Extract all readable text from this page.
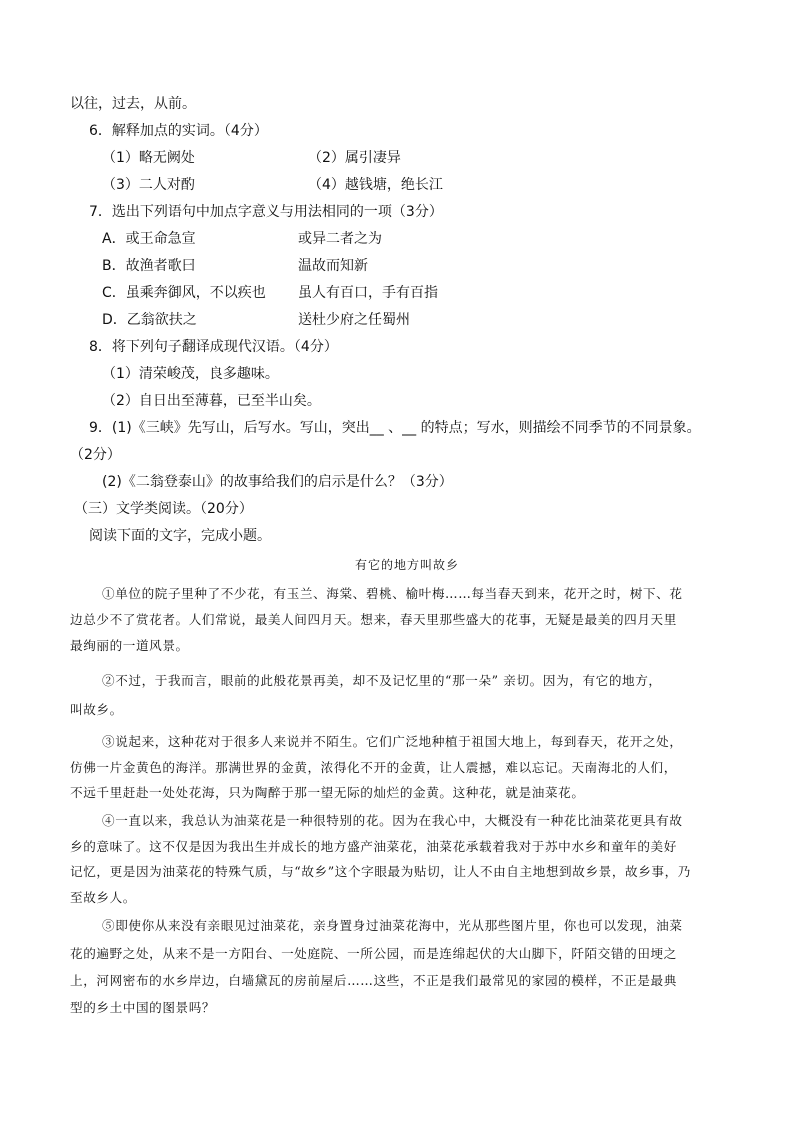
以往，过去，从前。
6．解释加点的实词。（4分）
（1）略无阙处	（2）属引凄异
（3）二人对酌	（4）越钱塘，绝长江
7．选出下列语句中加点字意义与用法相同的一项（3分）
A．或王命急宣	或异二者之为
B．故渔者歌曰	温故而知新
C．虽乘奔御风，不以疾也 虽人有百口，手有百指
D．乙翁欲扶之	送杜少府之任蜀州
8．将下列句子翻译成现代汉语。（4分）
（1）清荣峻茂，良多趣味。
（2）自日出至薄暮，已至半山矣。
9．(1)《三峡》先写山，后写水。写山，突出__ 、__ 的特点；写水，则描绘不同季节的不同景象。
（2分）
(2)《二翁登泰山》的故事给我们的启示是什么？（3分）
（三）文学类阅读。（20分）
阅读下面的文字，完成小题。
有它的地方叫故乡
①单位的院子里种了不少花，有玉兰、海棠、碧桃、榆叶梅……每当春天到来，花开之时，树下、花
边总少不了赏花者。人们常说，最美人间四月天。想来，春天里那些盛大的花事，无疑是最美的四月天里
最绚丽的一道风景。
②不过，于我而言，眼前的此般花景再美，却不及记忆里的“那一朵” 亲切。因为，有它的地方，
叫故乡。
③说起来，这种花对于很多人来说并不陌生。它们广泛地种植于祖国大地上，每到春天，花开之处，
仿佛一片金黄色的海洋。那满世界的金黄，浓得化不开的金黄，让人震撼，难以忘记。天南海北的人们，
不远千里赶赴一处处花海，只为陶醉于那一望无际的灿烂的金黄。这种花，就是油菜花。
④一直以来，我总认为油菜花是一种很特别的花。因为在我心中，大概没有一种花比油菜花更具有故
乡的意味了。这不仅是因为我出生并成长的地方盛产油菜花，油菜花承载着我对于苏中水乡和童年的美好
记忆，更是因为油菜花的特殊气质，与“故乡”这个字眼最为贴切，让人不由自主地想到故乡景，故乡事，乃
至故乡人。
⑤即使你从来没有亲眼见过油菜花，亲身置身过油菜花海中，光从那些图片里，你也可以发现，油菜
花的遍野之处，从来不是一方阳台、一处庭院、一所公园，而是连绵起伏的大山脚下，阡陌交错的田埂之
上，河网密布的水乡岸边，白墙黛瓦的房前屋后……这些，不正是我们最常见的家园的模样，不正是最典
型的乡土中国的图景吗？
